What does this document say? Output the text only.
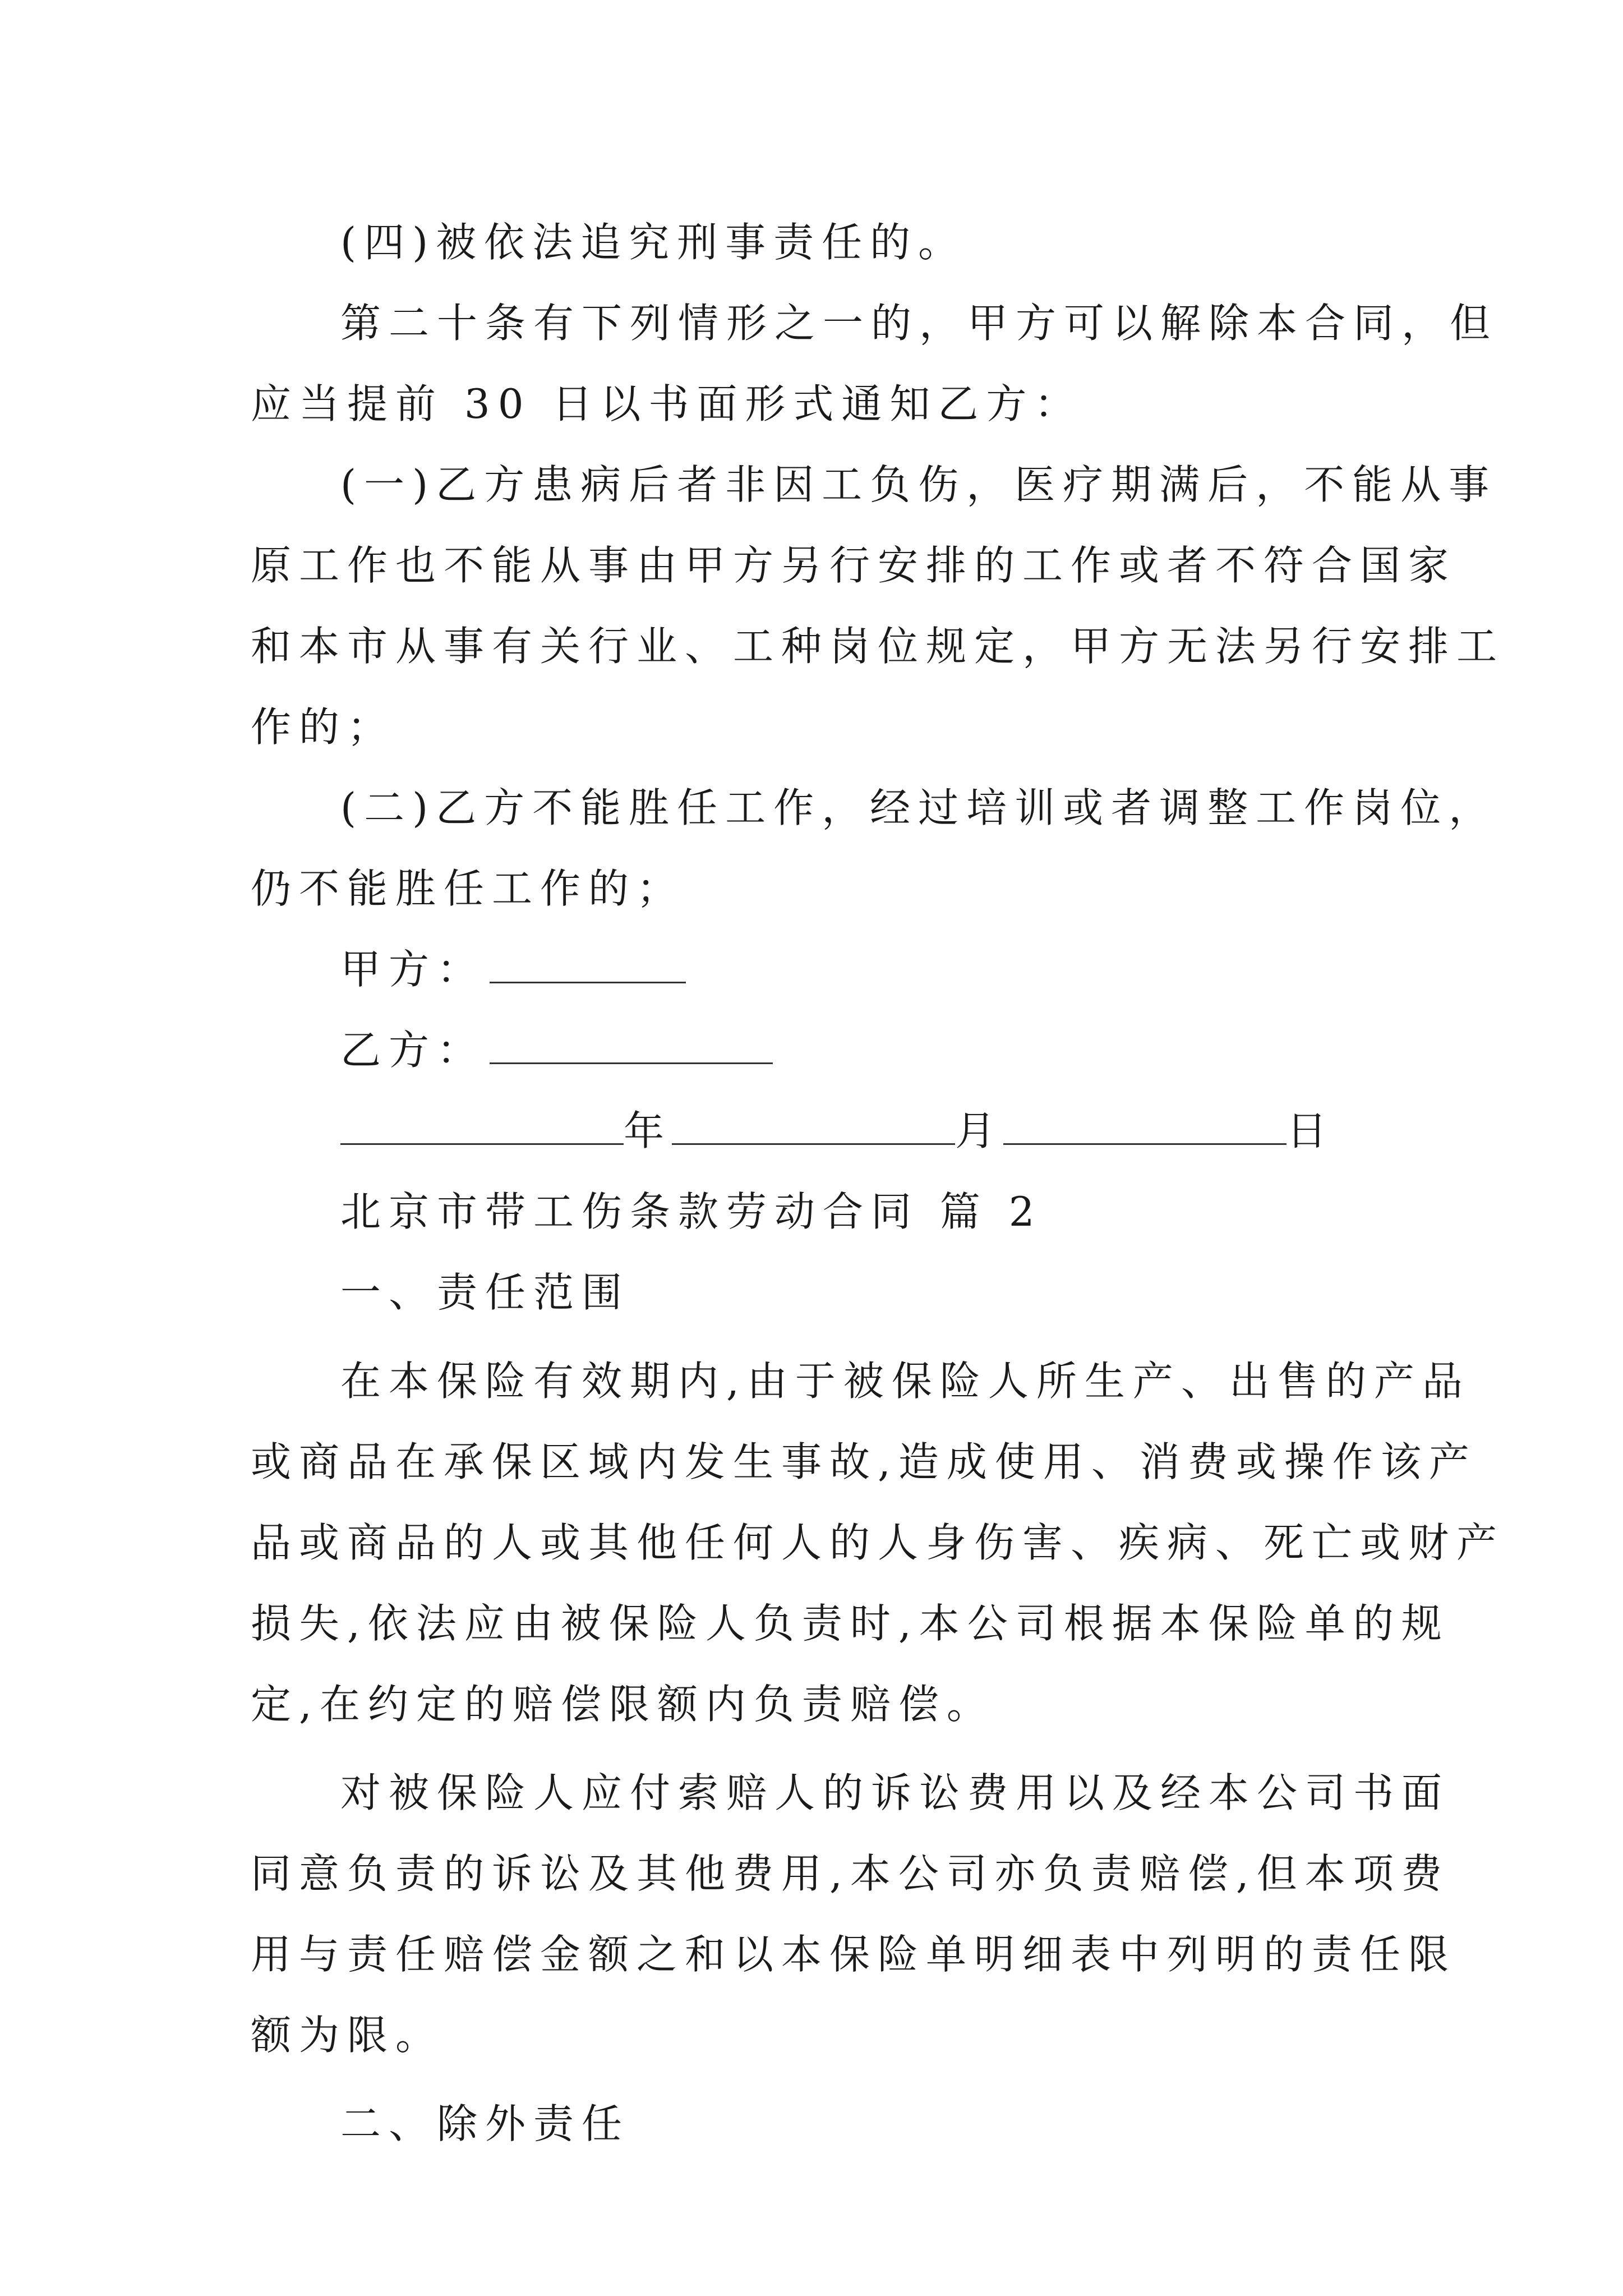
(四)被依法追究刑事责任的。
第二十条有下列情形之一的，甲方可以解除本合同，但
应当提前 30 日以书面形式通知乙方：
(一)乙方患病后者非因工负伤，医疗期满后，不能从事
原工作也不能从事由甲方另行安排的工作或者不符合国家
和本市从事有关行业、工种岗位规定，甲方无法另行安排工
作的；
(二)乙方不能胜任工作，经过培训或者调整工作岗位，
仍不能胜任工作的；
甲方：
乙方：
年	月	日
北京市带工伤条款劳动合同 篇 2
一、责任范围
在本保险有效期内,由于被保险人所生产、出售的产品
或商品在承保区域内发生事故,造成使用、消费或操作该产
品或商品的人或其他任何人的人身伤害、疾病、死亡或财产
损失,依法应由被保险人负责时,本公司根据本保险单的规
定,在约定的赔偿限额内负责赔偿。
对被保险人应付索赔人的诉讼费用以及经本公司书面
同意负责的诉讼及其他费用,本公司亦负责赔偿,但本项费
用与责任赔偿金额之和以本保险单明细表中列明的责任限
额为限。
二、除外责任
